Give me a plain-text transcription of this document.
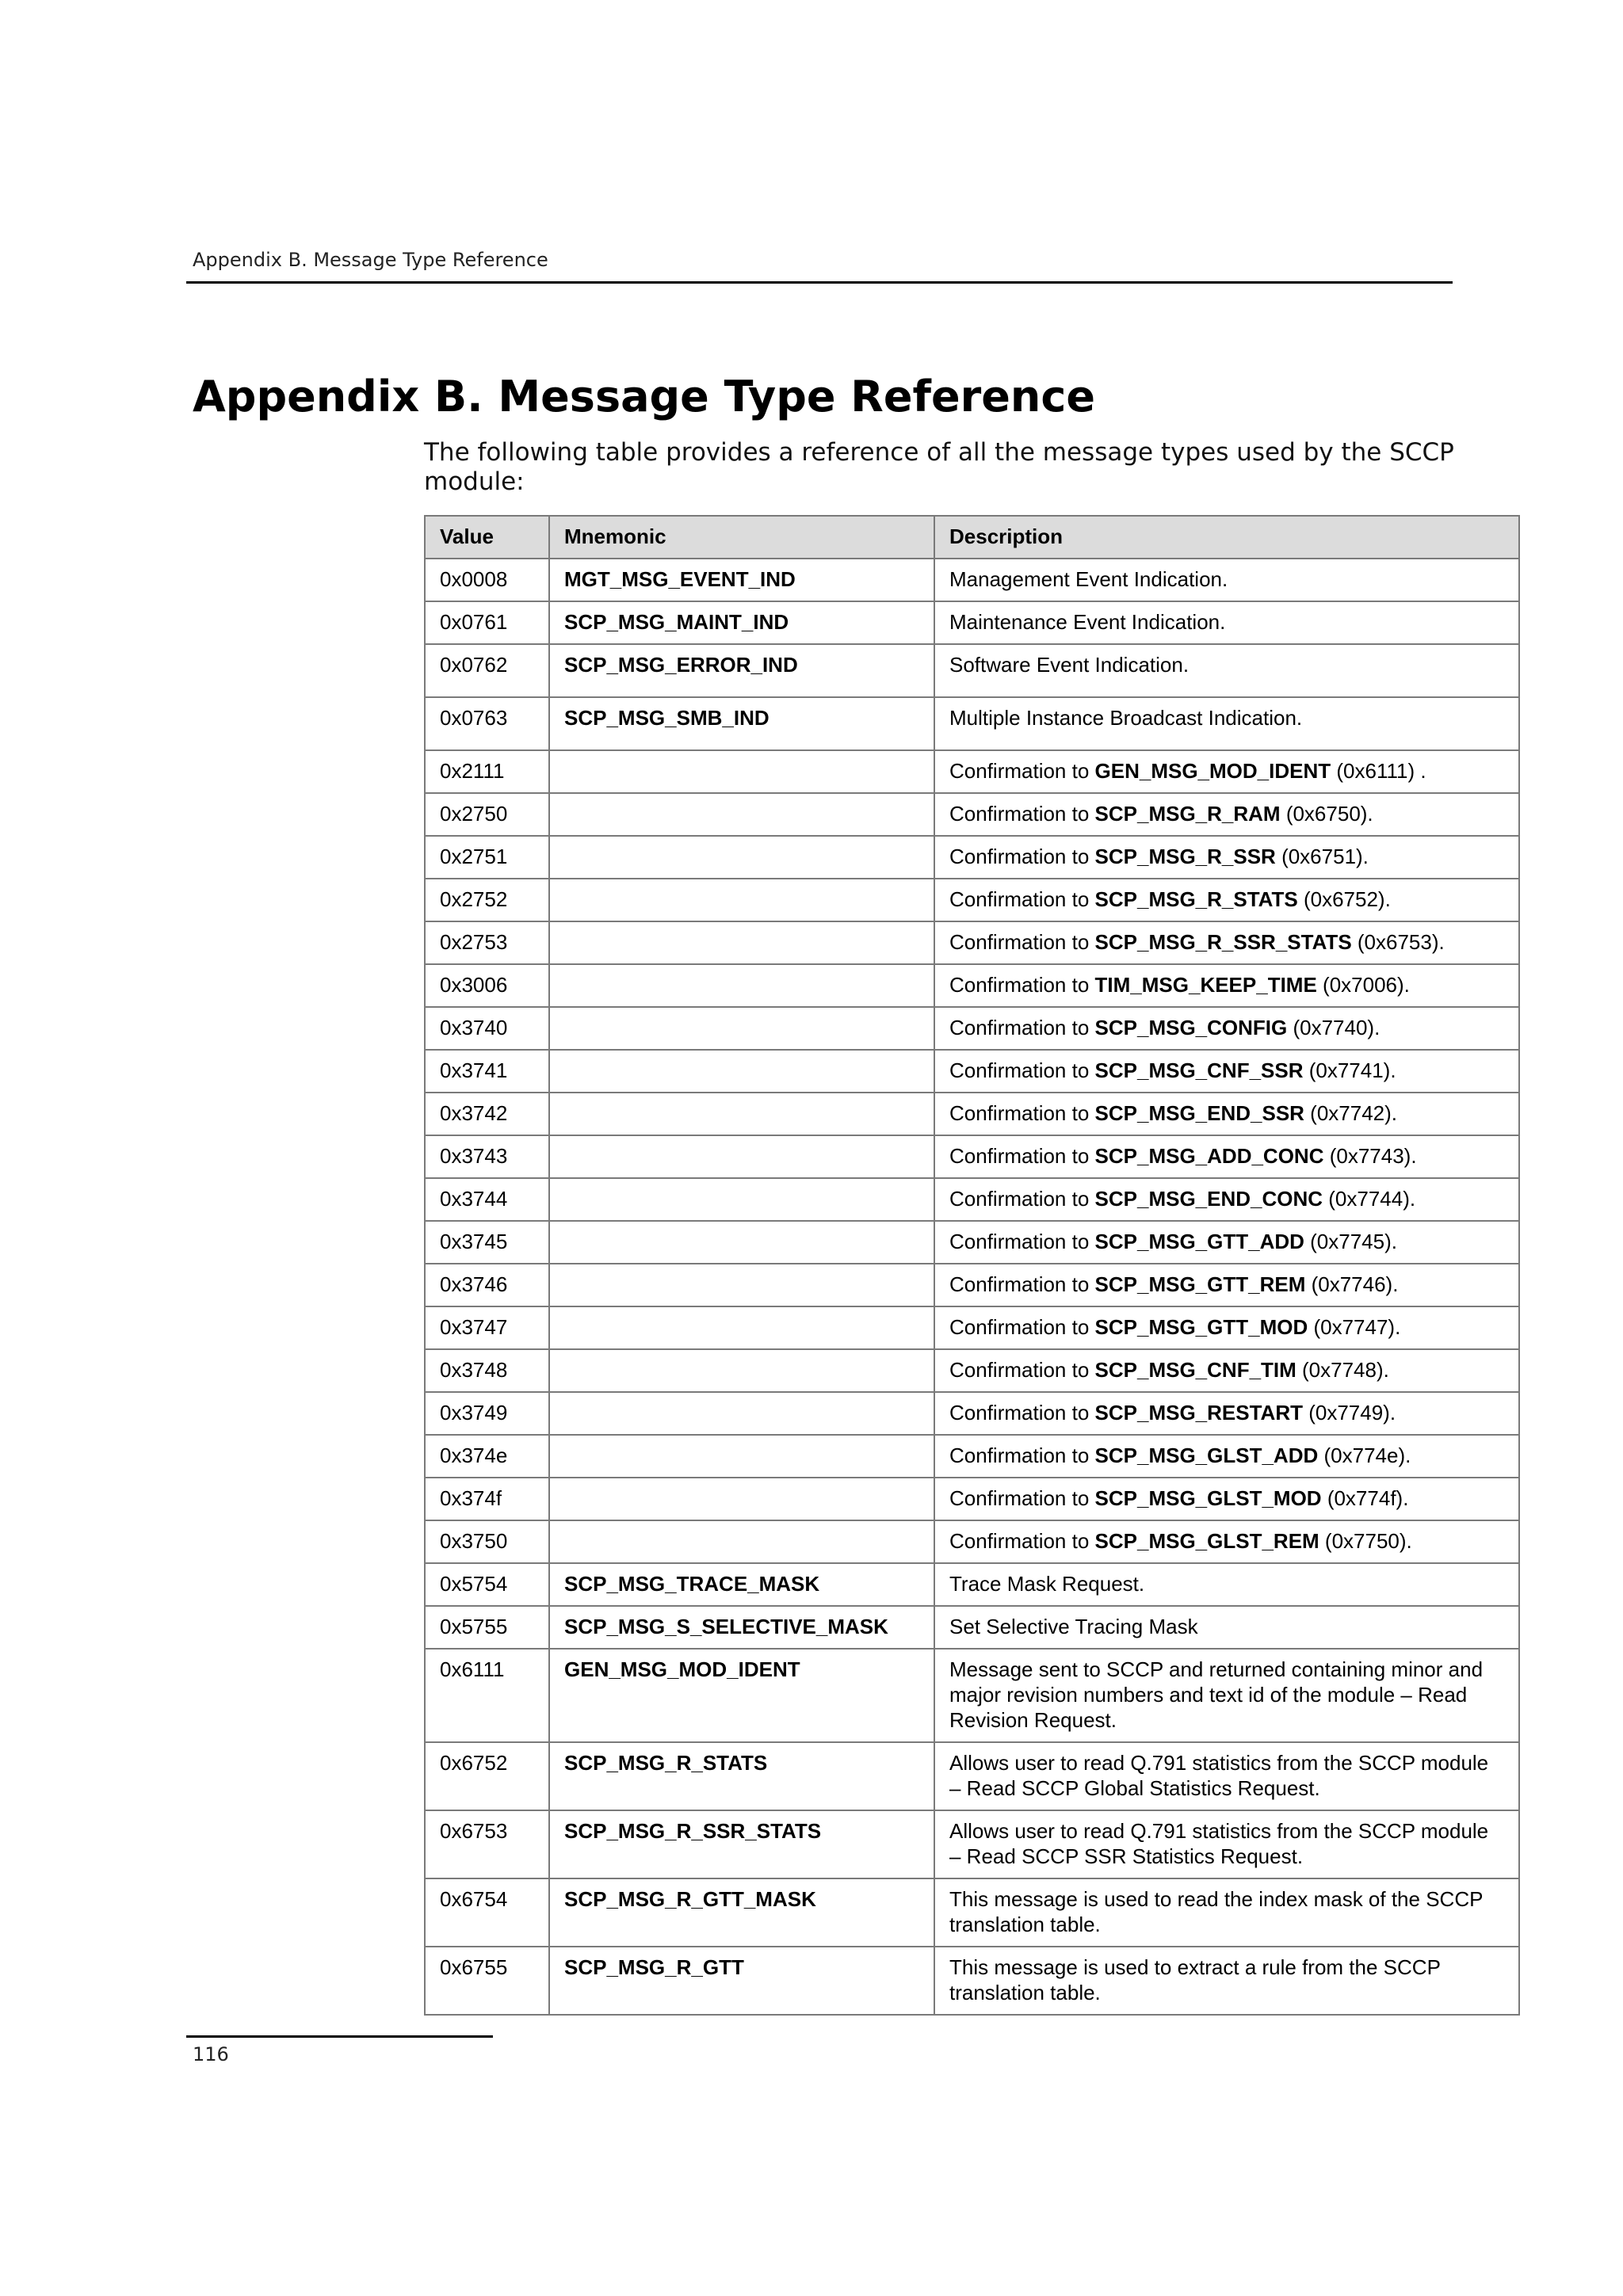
Appendix B. Message Type Reference
Appendix B. Message Type Reference

The following table provides a reference of all the message types used by the SCCP module:

Value	Mnemonic	Description
0x0008	MGT_MSG_EVENT_IND	Management Event Indication.
0x0761	SCP_MSG_MAINT_IND	Maintenance Event Indication.
0x0762	SCP_MSG_ERROR_IND	Software Event Indication.
0x0763	SCP_MSG_SMB_IND	Multiple Instance Broadcast Indication.
0x2111		Confirmation to GEN_MSG_MOD_IDENT (0x6111) .
0x2750		Confirmation to SCP_MSG_R_RAM (0x6750).
0x2751		Confirmation to SCP_MSG_R_SSR (0x6751).
0x2752		Confirmation to SCP_MSG_R_STATS (0x6752).
0x2753		Confirmation to SCP_MSG_R_SSR_STATS (0x6753).
0x3006		Confirmation to TIM_MSG_KEEP_TIME (0x7006).
0x3740		Confirmation to SCP_MSG_CONFIG (0x7740).
0x3741		Confirmation to SCP_MSG_CNF_SSR (0x7741).
0x3742		Confirmation to SCP_MSG_END_SSR (0x7742).
0x3743		Confirmation to SCP_MSG_ADD_CONC (0x7743).
0x3744		Confirmation to SCP_MSG_END_CONC (0x7744).
0x3745		Confirmation to SCP_MSG_GTT_ADD (0x7745).
0x3746		Confirmation to SCP_MSG_GTT_REM (0x7746).
0x3747		Confirmation to SCP_MSG_GTT_MOD (0x7747).
0x3748		Confirmation to SCP_MSG_CNF_TIM (0x7748).
0x3749		Confirmation to SCP_MSG_RESTART (0x7749).
0x374e		Confirmation to SCP_MSG_GLST_ADD (0x774e).
0x374f		Confirmation to SCP_MSG_GLST_MOD (0x774f).
0x3750		Confirmation to SCP_MSG_GLST_REM (0x7750).
0x5754	SCP_MSG_TRACE_MASK	Trace Mask Request.
0x5755	SCP_MSG_S_SELECTIVE_MASK	Set Selective Tracing Mask
0x6111	GEN_MSG_MOD_IDENT	Message sent to SCCP and returned containing minor and major revision numbers and text id of the module – Read Revision Request.
0x6752	SCP_MSG_R_STATS	Allows user to read Q.791 statistics from the SCCP module – Read SCCP Global Statistics Request.
0x6753	SCP_MSG_R_SSR_STATS	Allows user to read Q.791 statistics from the SCCP module – Read SCCP SSR Statistics Request.
0x6754	SCP_MSG_R_GTT_MASK	This message is used to read the index mask of the SCCP translation table.
0x6755	SCP_MSG_R_GTT	This message is used to extract a rule from the SCCP translation table.
116
